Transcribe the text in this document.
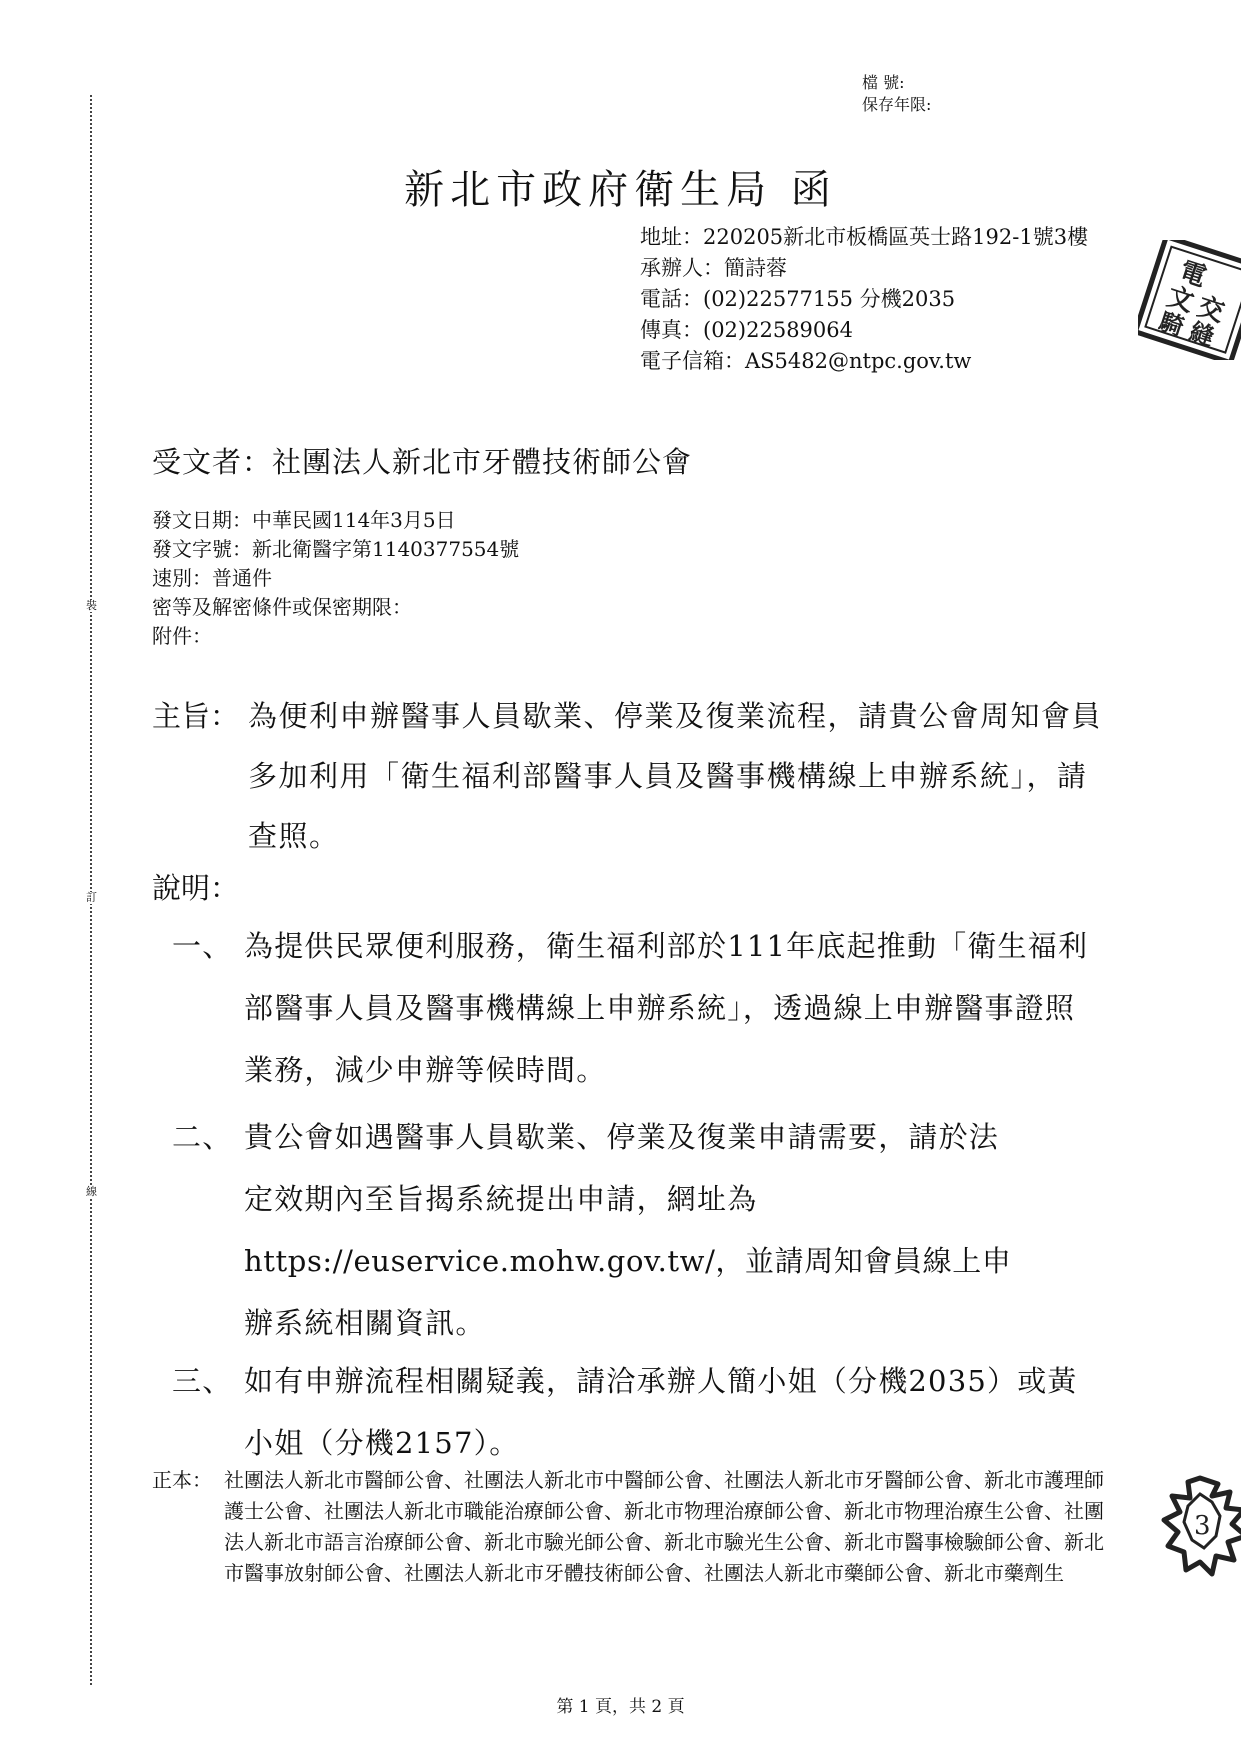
裝
訂
線
檔 號:
保存年限:
新北市政府衛生局 函
地址：220205新北市板橋區英士路192-1號3樓
承辦人：簡詩蓉
電話：(02)22577155 分機2035
傳真：(02)22589064
電子信箱：AS5482@ntpc.gov.tw
受文者：社團法人新北市牙體技術師公會
發文日期：中華民國114年3月5日
發文字號：新北衛醫字第1140377554號
速別：普通件
密等及解密條件或保密期限：
附件：
主旨： 為便利申辦醫事人員歇業、停業及復業流程，請貴公會周知會員多加利用「衛生福利部醫事人員及醫事機構線上申辦系統」，請查照。
說明：
一、 為提供民眾便利服務，衛生福利部於111年底起推動「衛生福利部醫事人員及醫事機構線上申辦系統」，透過線上申辦醫事證照業務，減少申辦等候時間。
二、 貴公會如遇醫事人員歇業、停業及復業申請需要，請於法
定效期內至旨揭系統提出申請，網址為
https://euservice.mohw.gov.tw/，並請周知會員線上申
辦系統相關資訊。
三、 如有申辦流程相關疑義，請洽承辦人簡小姐（分機2035）或黃小姐（分機2157）。
正本： 社團法人新北市醫師公會、社團法人新北市中醫師公會、社團法人新北市牙醫師公會、新北市護理師護士公會、社團法人新北市職能治療師公會、新北市物理治療師公會、新北市物理治療生公會、社團法人新北市語言治療師公會、新北市驗光師公會、新北市驗光生公會、新北市醫事檢驗師公會、新北市醫事放射師公會、社團法人新北市牙體技術師公會、社團法人新北市藥師公會、新北市藥劑生
第 1 頁，共 2 頁
電
文
交
騎
縫
3
